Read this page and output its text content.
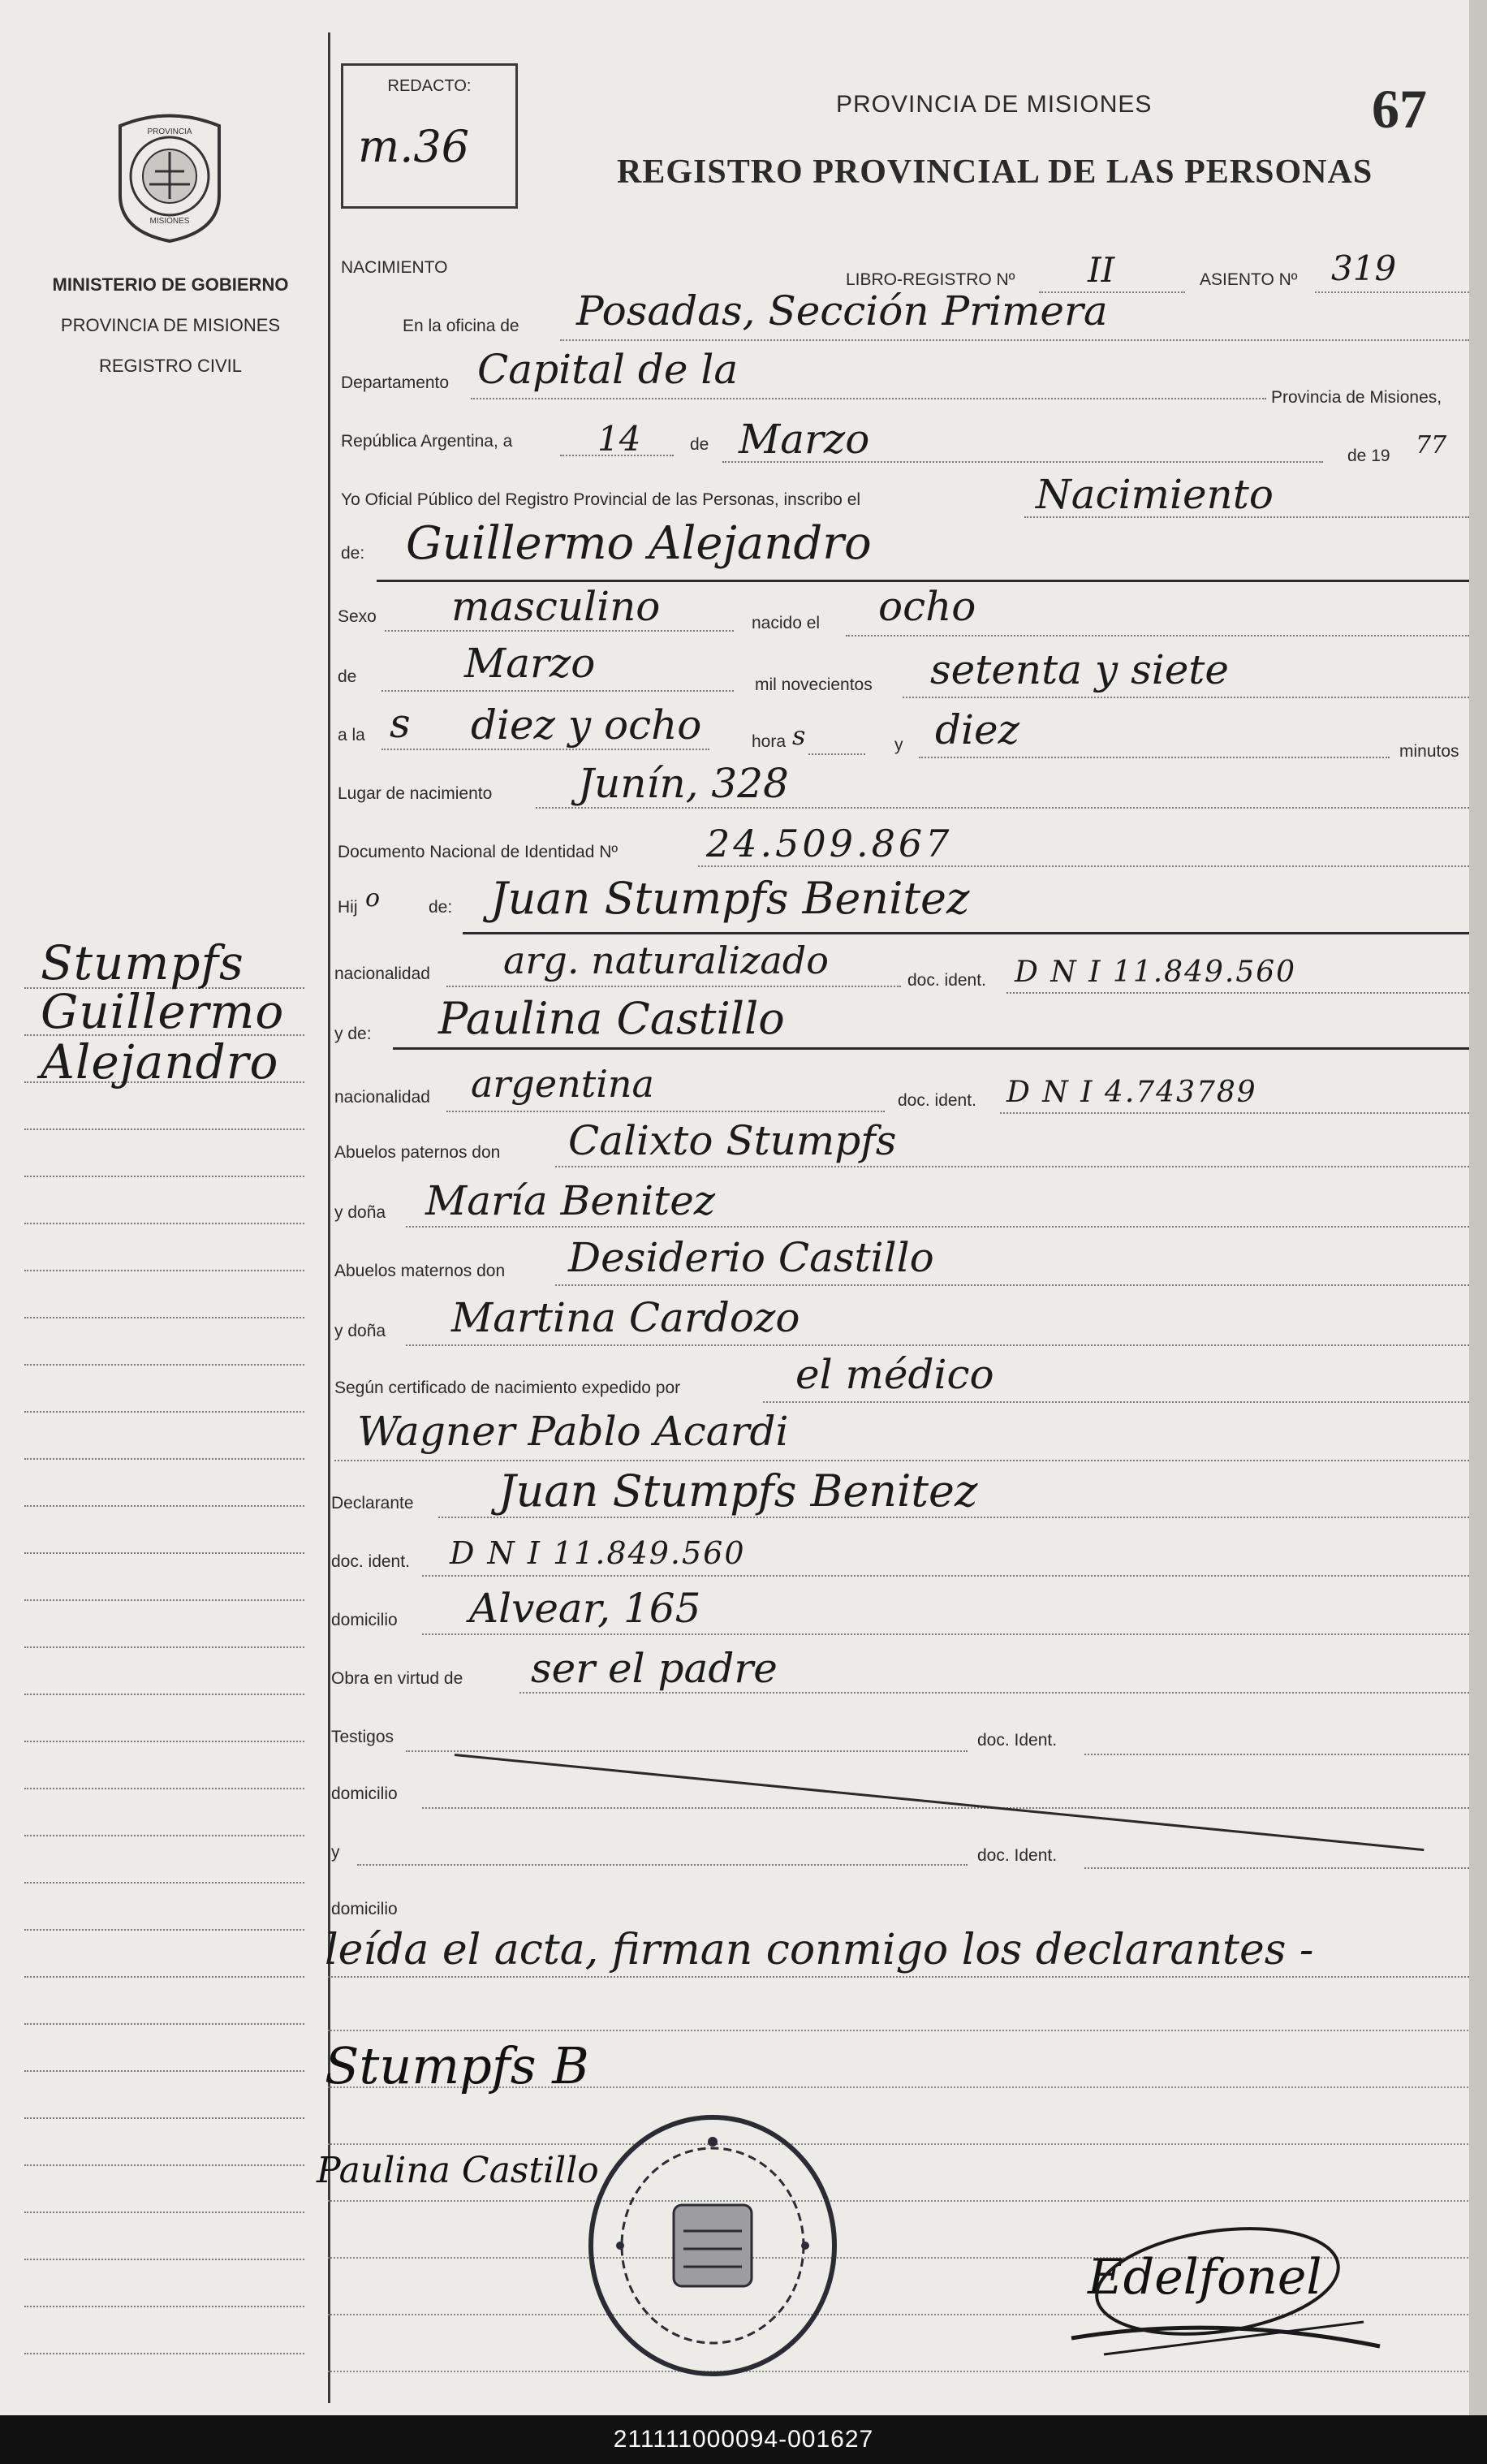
PROVINCIA
MISIONES
MINISTERIO DE GOBIERNO
PROVINCIA DE MISIONES
REGISTRO CIVIL
Stumpfs
Guillermo
Alejandro
REDACTO:
m.36
PROVINCIA DE MISIONES
REGISTRO PROVINCIAL DE LAS PERSONAS
67
NACIMIENTO
LIBRO-REGISTRO Nº II	ASIENTO Nº 319
En la oficina de Posadas, Sección Primera
Departamento Capital de la
Provincia de Misiones,
República Argentina, a 14	de Marzo	de 19 77
Yo Oficial Público del Registro Provincial de las Personas, inscribo el	Nacimiento
de: Guillermo Alejandro
Sexo masculino	nacido el ocho
de	Marzo	mil novecientos setenta y siete
a la s diez y ocho	hora s	y diez	minutos
Lugar de nacimiento Junín, 328
Documento Nacional de Identidad Nº 24.509.867
Hij o	de: Juan Stumpfs Benitez
nacionalidad arg. naturalizado	doc. ident. D N I 11.849.560
y de: Paulina Castillo
nacionalidad argentina	doc. ident. D N I 4.743789
Abuelos paternos don Calixto Stumpfs
y doña María Benitez
Abuelos maternos don Desiderio Castillo
y doña Martina Cardozo
Según certificado de nacimiento expedido por	el médico
Wagner Pablo Acardi
Declarante Juan Stumpfs Benitez
doc. ident. D N I 11.849.560
domicilio Alvear, 165
Obra en virtud de ser el padre
Testigos	doc. Ident.
domicilio
y	doc. Ident.
domicilio
leída el acta, firman conmigo los declarantes -
Stumpfs B
Paulina Castillo
Edelfonel
211111000094-001627
